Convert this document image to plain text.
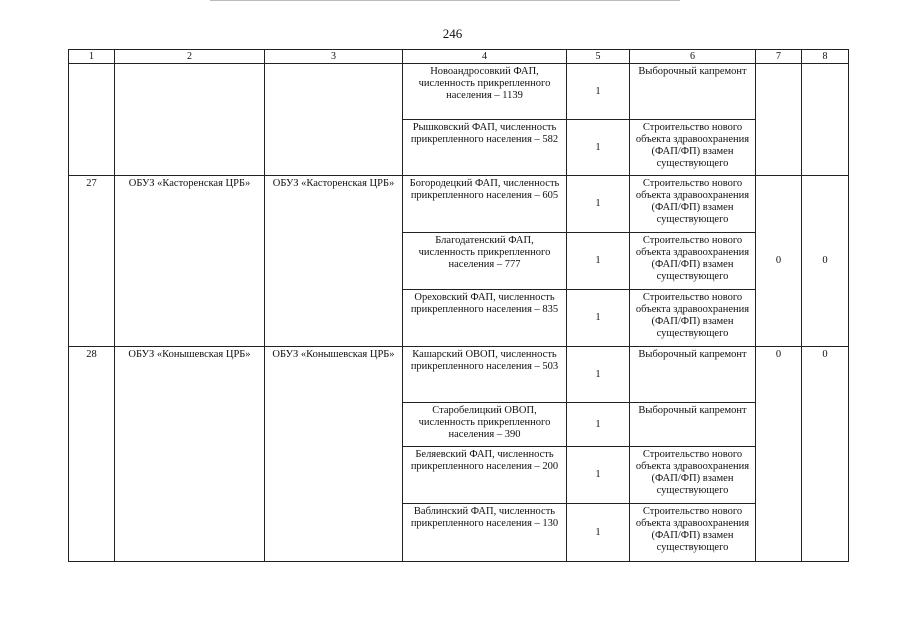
246
1	2	3	4	5	6	7	8
			Новоандросовкий ФАП, численность прикрепленного населения – 1139	1	Выборочный капремонт		
			Рышковский ФАП, численность прикрепленного населения – 582	1	Строительство нового объекта здравоохранения (ФАП/ФП) взамен существующего		
27	ОБУЗ «Касторенская ЦРБ»	ОБУЗ «Касторенская ЦРБ»	Богородецкий ФАП, численность прикрепленного населения – 605	1	Строительство нового объекта здравоохранения (ФАП/ФП) взамен существующего	0	0
			Благодатенский ФАП, численность прикрепленного населения – 777	1	Строительство нового объекта здравоохранения (ФАП/ФП) взамен существующего		
			Ореховский ФАП, численность прикрепленного населения – 835	1	Строительство нового объекта здравоохранения (ФАП/ФП) взамен существующего		
28	ОБУЗ «Конышевская ЦРБ»	ОБУЗ «Конышевская ЦРБ»	Кашарский ОВОП, численность прикрепленного населения – 503	1	Выборочный капремонт	0	0
			Старобелицкий ОВОП, численность прикрепленного населения – 390	1	Выборочный капремонт		
			Беляевский ФАП, численность прикрепленного населения – 200	1	Строительство нового объекта здравоохранения (ФАП/ФП) взамен существующего		
			Ваблинский ФАП, численность прикрепленного населения – 130	1	Строительство нового объекта здравоохранения (ФАП/ФП) взамен существующего		
